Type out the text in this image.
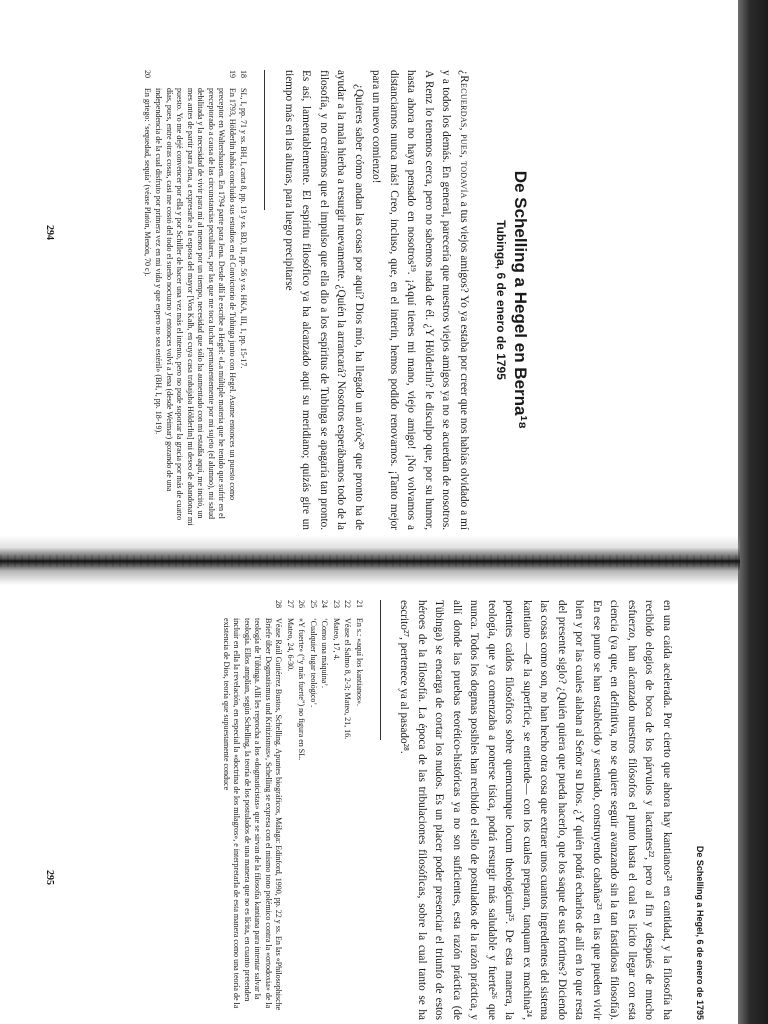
294
295
De Schelling a Hegel en Berna¹⁸
Tubinga, 6 de enero de 1795

¿Recuerdas, pues, todavía a tus viejos amigos? Yo ya estaba por creer que nos habías olvidado a mí y a todos los demás. En general, parecería que nuestros viejos amigos ya no se acuerdan de nosotros. A Renz lo tenemos cerca, pero no sabemos nada de él. ¿Y Hölderlin? le disculpo que, por su humor, hasta ahora no haya pensado en nosotros¹⁹. ¡Aquí tienes mi mano, viejo amigo! ¡No volvamos a distanciarnos nunca más! Creo, incluso, que, en el interin, hemos podido renovarnos. ¡Tanto mejor para un nuevo comienzo!

¿Quieres saber cómo andan las cosas por aquí? Dios mío, ha llegado un aὐτός²⁰ que pronto ha de ayudar a la mala hierba a resurgir nuevamente. ¿Quién la arrancará? Nosotros esperábamos todo de la filosofía, y no creíamos que el impulso que ella dio a los espíritus de Tubinga se apagaría tan pronto. Es así, lamentablemente. El espíritu filosófico ya ha alcanzado aquí su meridiano; quizás gire un tiempo más en las alturas, para luego precipitarse

18
SL, I, pp. 71 y ss. BH, I, carta 8, pp. 13 y ss. BD, II, pp. 56 y ss. HKA, III, 1, pp. 15-17.
19
En 1793, Hölderlin había concluido sus estudios en el Convictorio de Tubinga junto con Hegel. Asume entonces un puesto como preceptor en Waltershausen. En 1794 parte para Jena. Desde allí le escribe a Hegel: «La múltiple materia que he tenido que sufrir en el preceptorado a causa de las circunstancias peculiares, por las que me toca luchar permanentemente por mi sujeto (el alumno), mi salud debilitada y la necesidad de vivir para mí al menos por un tiempo, necesidad que sólo ha aumentado con mi estadía aquí, me incitó, un mes antes de partir para Jena, a expresarle a la esposa del mayor [Von Kalb, en cuya casa trabajaba Hölderlin] mi deseo de abandonar mi puesto. Yo me dejé convencer por ella y por Schiller de hacer una vez más el intento, pero no pude soportar la gracia por más de cuatro días, pues, entre otras cosas, casi me costó del todo el sueño nocturno y entonces volví a Jena (desde Weimar) gozando de una independencia de la cual disfruto por primera vez en mi vida y que espero no sea estéril» (BH, I, pp. 18-19).
20
En griego: ‘sequedad, sequía’ (véase Platón, Menón, 70 c).
De Schelling a Hegel, 6 de enero de 1795

en una caída acelerada. Por cierto que ahora hay kantianos²¹ en cantidad, y la filosofía ha recibido elogios de boca de los párvulos y lactantes²², pero al fin y después de mucho esfuerzo, han alcanzado nuestros filósofos el punto hasta el cual es lícito llegar con esta ciencia (ya que, en definitiva, no se quiere seguir avanzando sin la tan fastidiosa filosofía). En ese punto se han establecido y asentado, construyendo cabañas²³ en las que pueden vivir bien y por las cuales alaban al Señor su Dios. ¿Y quién podrá echarlos de allí en lo que resta del presente siglo? ¿Quién quiera que pueda hacerlo, que los saque de sus fortines? Diciendo las cosas como son, no han hecho otra cosa que extraer unos cuantos ingredientes del sistema kantiano —de la superficie, se entiende— con los cuales preparan, tanquam ex machina²⁴, potentes caldos filosóficos sobre quemcumque locum theologicum²⁵. De esta manera, la teología, que ya comenzaba a ponerse tísica, podrá resurgir más saludable y fuerte²⁶ que nunca. Todos los dogmas posibles han recibido el sello de postulados de la razón práctica, y allí donde las pruebas teorético-históricas ya no son suficientes, esta razón práctica (de Tübinga) se encarga de cortar los nudos. Es un placer poder presenciar el triunfo de estos héroes de la filosofía. La época de las tribulaciones filosóficas, sobre la cual tanto se ha escrito²⁷, pertenece ya al pasado²⁸.

21
En s.: «aquí los kantianos».
22
Véase el Salmo 8, 2-3; Mateo, 21, 16.
23
Mateo, 17, 4.
24
‘Como una máquina’.
25
‘Cualquier lugar teológico’.
26
«Y fuerte» (“y más fuerte”) no figura en SL.
27
Mateo, 24, 6-30.
28
Véase Raúl Gutiérrez Bustos, Schelling. Apuntes biográficos, Málaga: Edinford, 1990, pp. 22 y ss. En las «Philosophische Briefe über Dogmatismus und Kritizismus», Schelling se expresa con el mismo tono polémico contra la «ortodoxia» de la teología de Tübinga. Allí les reprocha a los «dogmaticistas» que se sirvan de la filosofía kantiana para intentar salvar la teología. Ellos amplían, según Schelling, la teoría de los postulados de una manera que no es lícita, en cuanto pretenden incluir en ella la revelación, en especial la «doctrina de los milagros», e interpretarla de esta manera como una teoría de la existencia de Dios, teoría que supuestamente conduce
